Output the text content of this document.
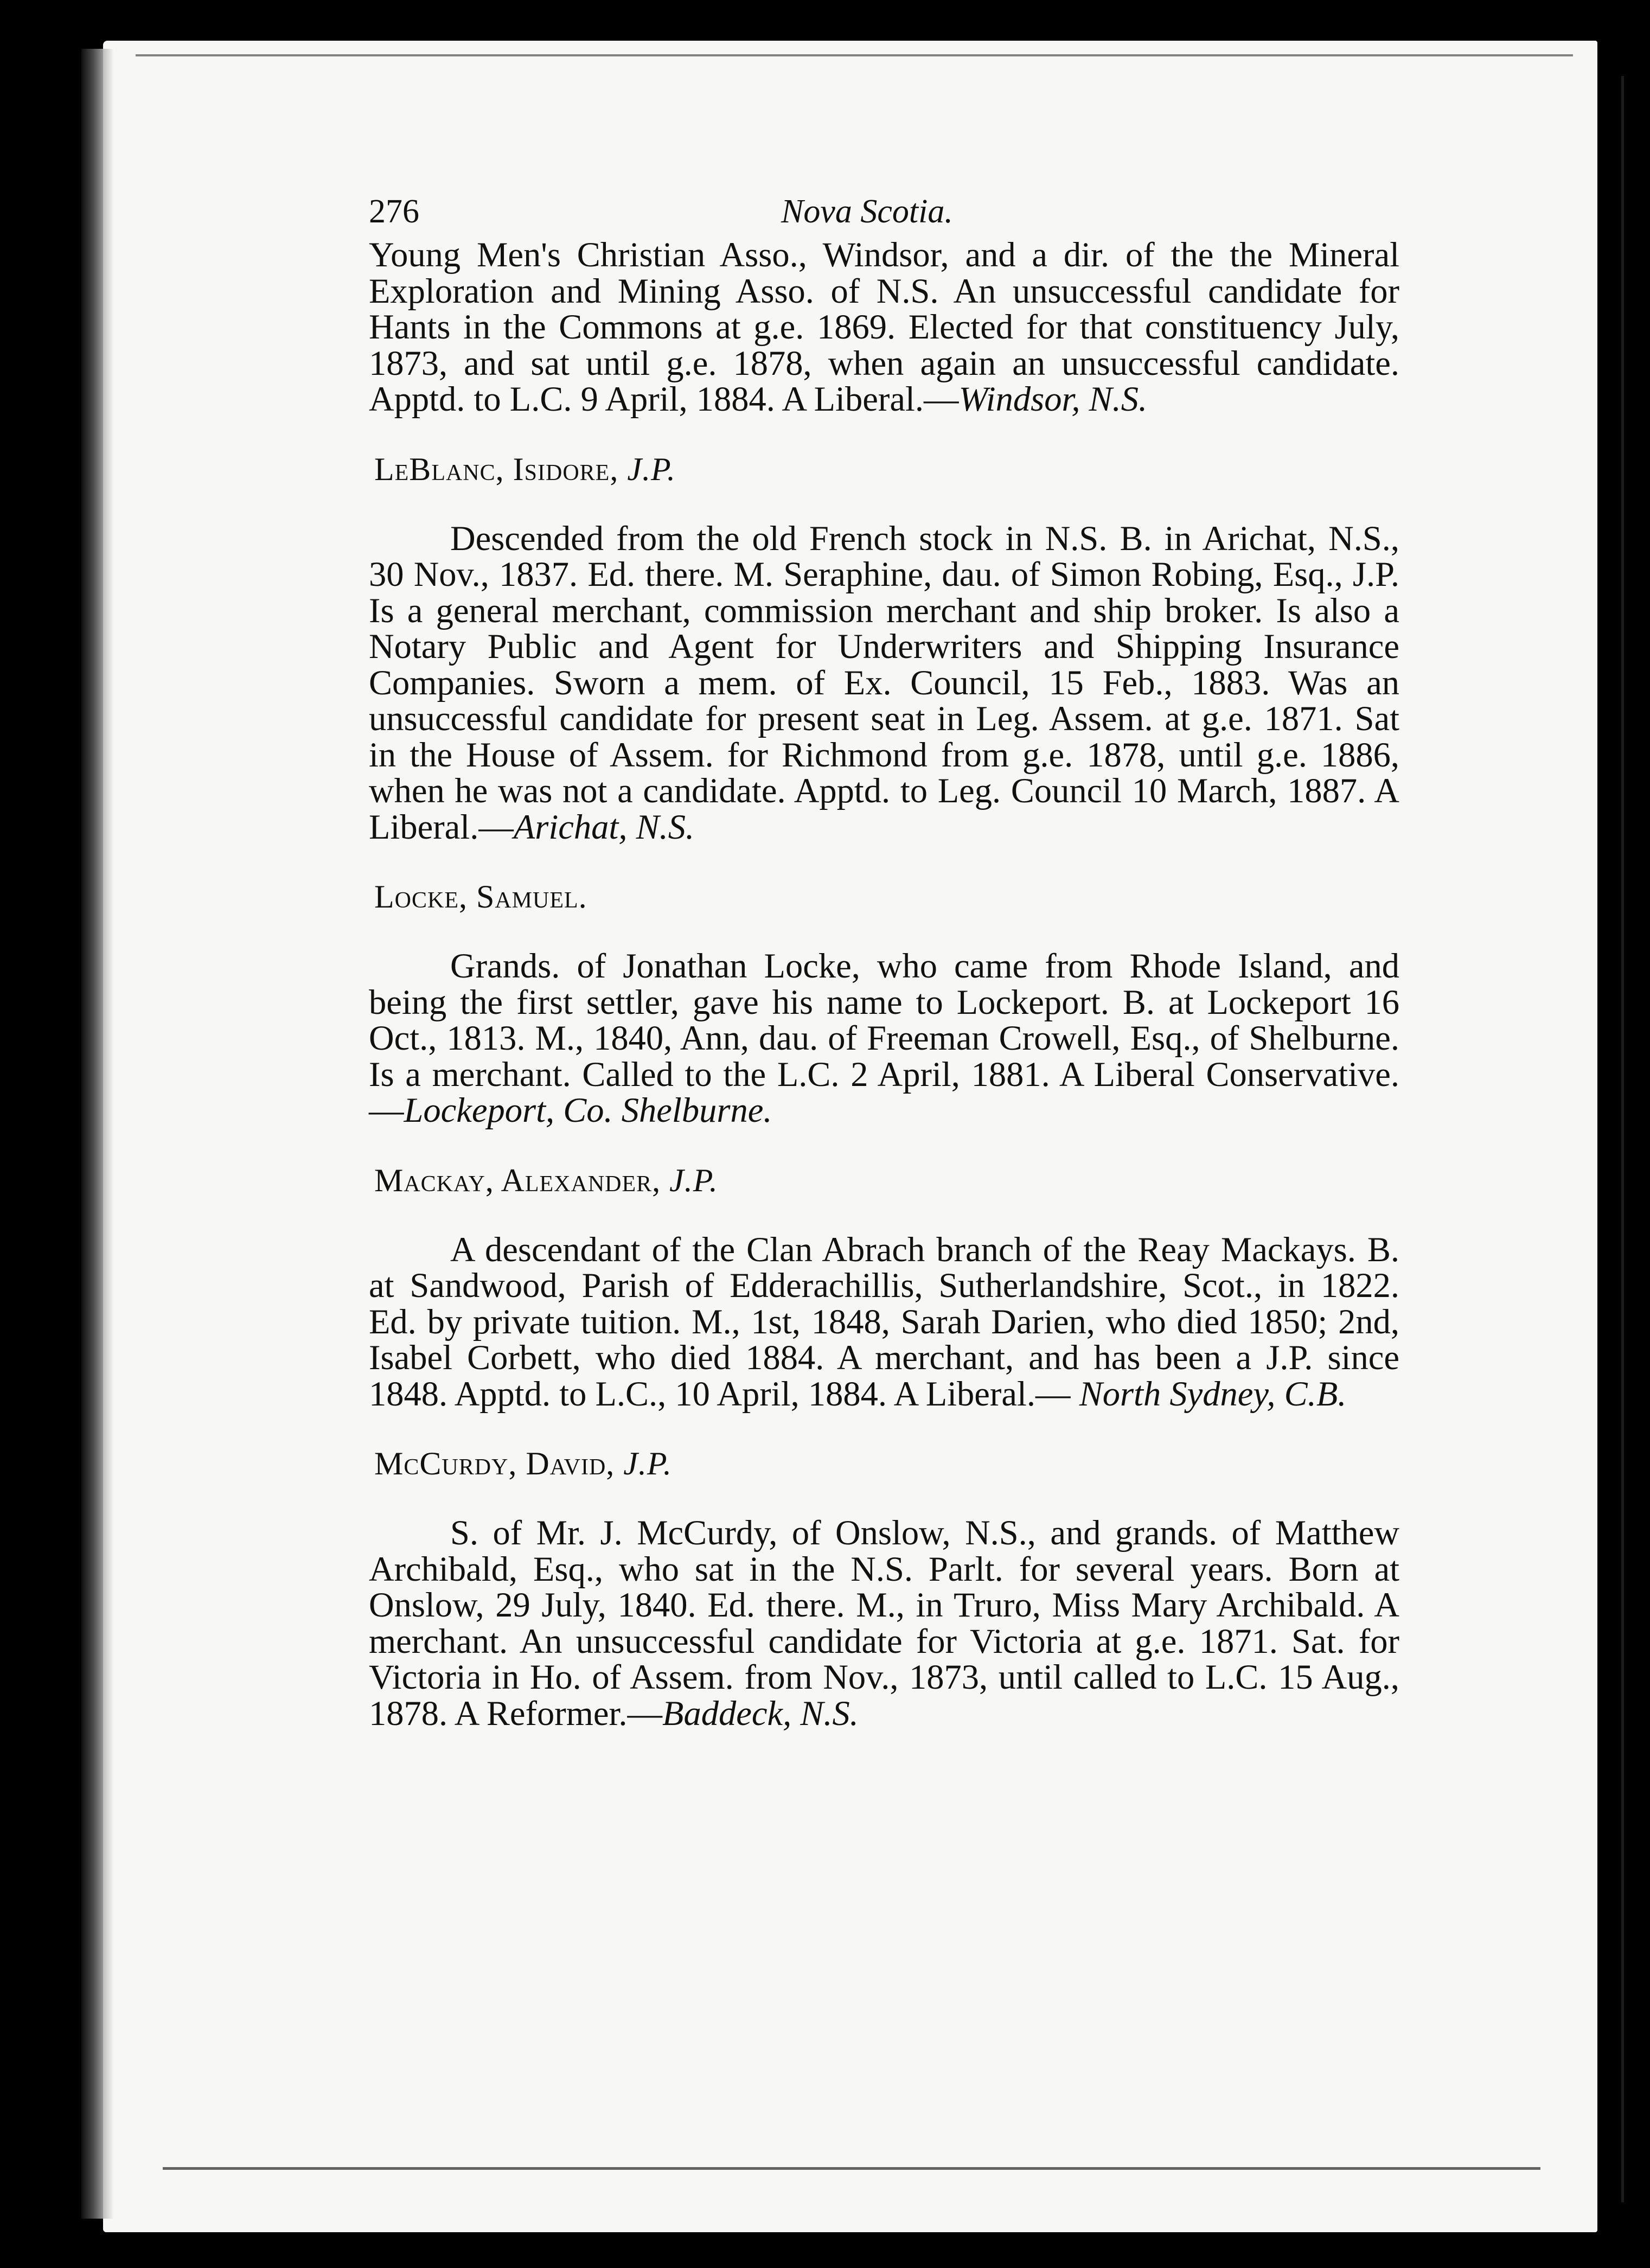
276	Nova Scotia.

Young Men's Christian Asso., Windsor, and a dir. of the the Mineral Exploration and Mining Asso. of N.S. An unsuccessful candidate for Hants in the Commons at g.e. 1869. Elected for that constituency July, 1873, and sat until g.e. 1878, when again an unsuccessful candidate. Apptd. to L.C. 9 April, 1884. A Liberal.—Windsor, N.S.

LeBlanc, Isidore, J.P.

Descended from the old French stock in N.S. B. in Arichat, N.S., 30 Nov., 1837. Ed. there. M. Seraphine, dau. of Simon Robing, Esq., J.P. Is a general merchant, commission merchant and ship broker. Is also a Notary Public and Agent for Underwriters and Shipping Insurance Companies. Sworn a mem. of Ex. Council, 15 Feb., 1883. Was an unsuccessful candidate for present seat in Leg. Assem. at g.e. 1871. Sat in the House of Assem. for Richmond from g.e. 1878, until g.e. 1886, when he was not a candidate. Apptd. to Leg. Council 10 March, 1887. A Liberal.—Arichat, N.S.

Locke, Samuel.

Grands. of Jonathan Locke, who came from Rhode Island, and being the first settler, gave his name to Lockeport. B. at Lockeport 16 Oct., 1813. M., 1840, Ann, dau. of Freeman Crowell, Esq., of Shelburne. Is a merchant. Called to the L.C. 2 April, 1881. A Liberal Conservative. —Lockeport, Co. Shelburne.

Mackay, Alexander, J.P.

A descendant of the Clan Abrach branch of the Reay Mackays. B. at Sandwood, Parish of Edderachillis, Sutherlandshire, Scot., in 1822. Ed. by private tuition. M., 1st, 1848, Sarah Darien, who died 1850; 2nd, Isabel Corbett, who died 1884. A merchant, and has been a J.P. since 1848. Apptd. to L.C., 10 April, 1884. A Liberal.— North Sydney, C.B.

McCurdy, David, J.P.

S. of Mr. J. McCurdy, of Onslow, N.S., and grands. of Matthew Archibald, Esq., who sat in the N.S. Parlt. for several years. Born at Onslow, 29 July, 1840. Ed. there. M., in Truro, Miss Mary Archibald. A merchant. An unsuccessful candidate for Victoria at g.e. 1871. Sat. for Victoria in Ho. of Assem. from Nov., 1873, until called to L.C. 15 Aug., 1878. A Reformer.—Baddeck, N.S.
